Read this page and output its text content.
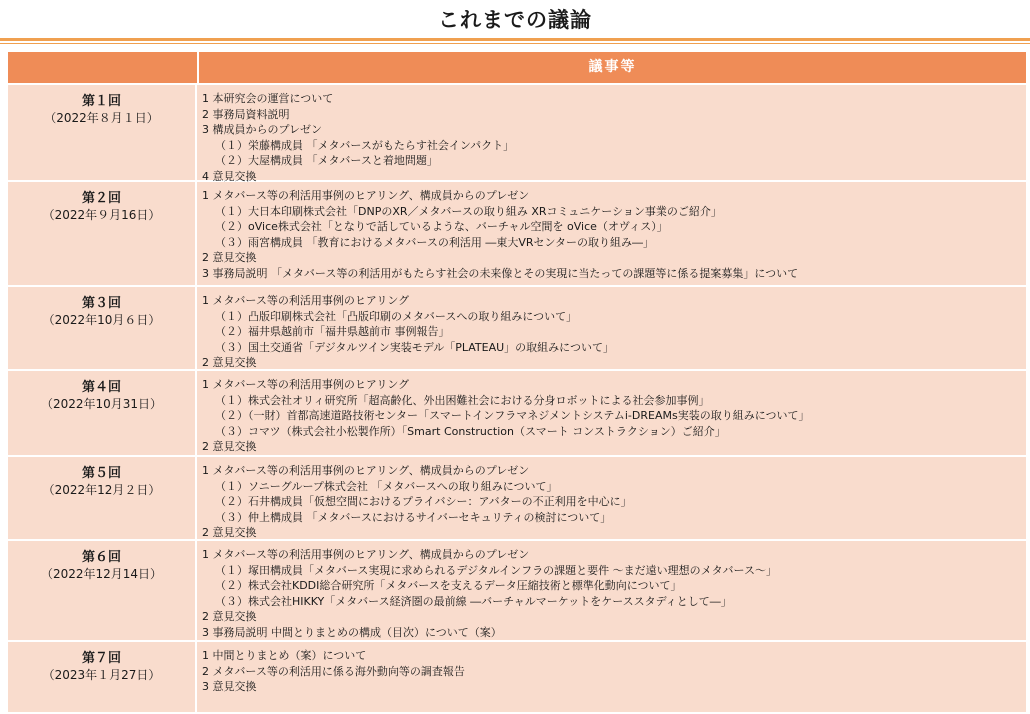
これまでの議論
議事等
第１回
（2022年８月１日）
1 本研究会の運営について
2 事務局資料説明
3 構成員からのプレゼン
（１）栄藤構成員 「メタバースがもたらす社会インパクト」
（２）大屋構成員 「メタバースと着地問題」
4 意見交換
第２回
（2022年９月16日）
1 メタバース等の利活用事例のヒアリング、構成員からのプレゼン
（１）大日本印刷株式会社「DNPのXR／メタバースの取り組み XRコミュニケーション事業のご紹介」
（２）oVice株式会社「となりで話しているような、バーチャル空間を oVice（オヴィス）」
（３）雨宮構成員 「教育におけるメタバースの利活用 ―東大VRセンターの取り組み―」
2 意見交換
3 事務局説明 「メタバース等の利活用がもたらす社会の未来像とその実現に当たっての課題等に係る提案募集」について
第３回
（2022年10月６日）
1 メタバース等の利活用事例のヒアリング
（１）凸版印刷株式会社「凸版印刷のメタバースへの取り組みについて」
（２）福井県越前市「福井県越前市 事例報告」
（３）国土交通省「デジタルツイン実装モデル「PLATEAU」の取組みについて」
2 意見交換
第４回
（2022年10月31日）
1 メタバース等の利活用事例のヒアリング
（１）株式会社オリィ研究所「超高齢化、外出困難社会における分身ロボットによる社会参加事例」
（２）（一財）首都高速道路技術センター「スマートインフラマネジメントシステムi-DREAMs実装の取り組みについて」
（３）コマツ（株式会社小松製作所）「Smart Construction（スマート コンストラクション）ご紹介」
2 意見交換
第５回
（2022年12月２日）
1 メタバース等の利活用事例のヒアリング、構成員からのプレゼン
（１）ソニーグループ株式会社 「メタバースへの取り組みについて」
（２）石井構成員「仮想空間におけるプライバシー：アバターの不正利用を中心に」
（３）仲上構成員 「メタバースにおけるサイバーセキュリティの検討について」
2 意見交換
第６回
（2022年12月14日）
1 メタバース等の利活用事例のヒアリング、構成員からのプレゼン
（１）塚田構成員「メタバース実現に求められるデジタルインフラの課題と要件 ～まだ遠い理想のメタバース～」
（２）株式会社KDDI総合研究所「メタバースを支えるデータ圧縮技術と標準化動向について」
（３）株式会社HIKKY「メタバース経済圏の最前線 ―バーチャルマーケットをケーススタディとして―」
2 意見交換
3 事務局説明 中間とりまとめの構成（目次）について（案）
第７回
（2023年１月27日）
1 中間とりまとめ（案）について
2 メタバース等の利活用に係る海外動向等の調査報告
3 意見交換
